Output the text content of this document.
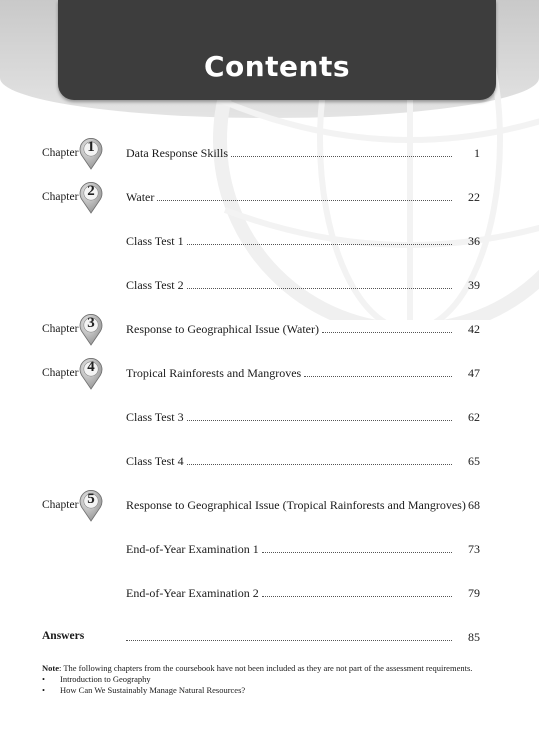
Contents
Chapter 1	Data Response Skills	1
Chapter 2	Water	22
Class Test 1	36
Class Test 2	39
Chapter 3	Response to Geographical Issue (Water)	42
Chapter 4	Tropical Rainforests and Mangroves	47
Class Test 3	62
Class Test 4	65
Chapter 5	Response to Geographical Issue (Tropical Rainforests and Mangroves) 68
End-of-Year Examination 1	73
End-of-Year Examination 2	79
Answers	85
Note: The following chapters from the coursebook have not been included as they are not part of the assessment requirements.
• Introduction to Geography
• How Can We Sustainably Manage Natural Resources?
